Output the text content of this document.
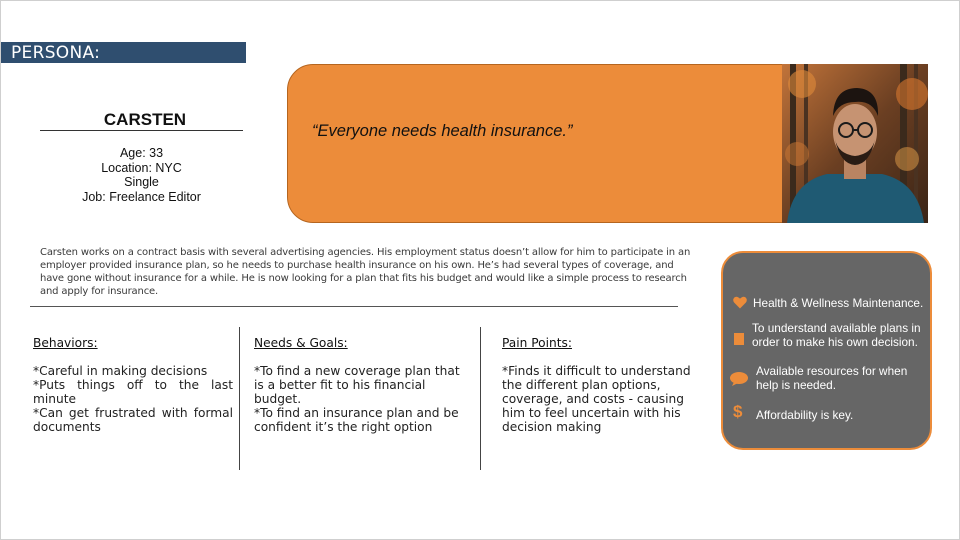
PERSONA:
CARSTEN
Age: 33
Location: NYC
Single
Job: Freelance Editor
“Everyone needs health insurance.”
Carsten works on a contract basis with several advertising agencies. His employment status doesn’t allow for him to participate in an employer provided insurance plan, so he needs to purchase health insurance on his own. He’s had several types of coverage, and have gone without insurance for a while. He is now looking for a plan that fits his budget and would like a simple process to research and apply for insurance.
Behaviors:
*Careful in making decisions
*Puts things off to the last minute
*Can get frustrated with formal documents
Needs & Goals:
*To find a new coverage plan that is a better fit to his financial budget.
*To find an insurance plan and be confident it’s the right option
Pain Points:
*Finds it difficult to understand the different plan options, coverage, and costs - causing him to feel uncertain with his decision making
Health & Wellness Maintenance.
To understand available plans in order to make his own decision.
Available resources for when help is needed.
$ Affordability is key.
